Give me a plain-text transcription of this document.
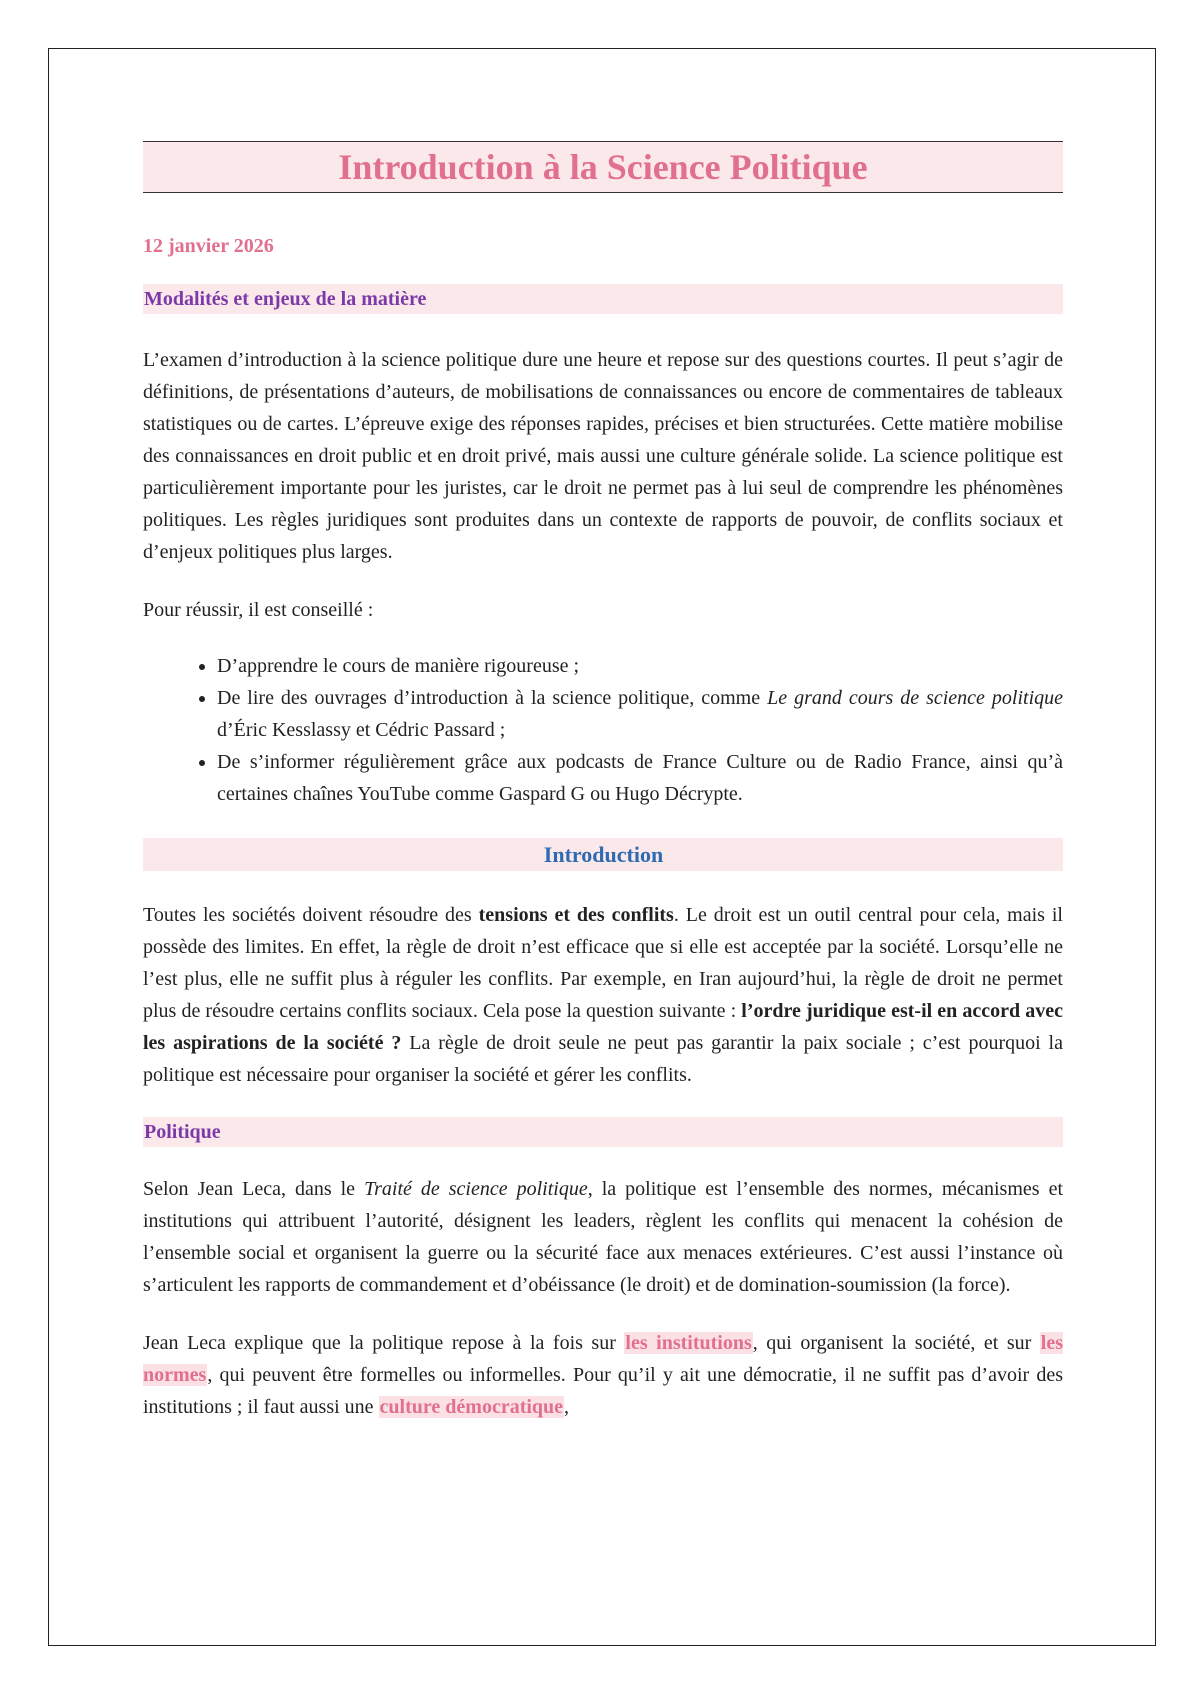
Introduction à la Science Politique
12 janvier 2026
Modalités et enjeux de la matière

L’examen d’introduction à la science politique dure une heure et repose sur des questions courtes. Il peut s’agir de définitions, de présentations d’auteurs, de mobilisations de connaissances ou encore de commentaires de tableaux statistiques ou de cartes. L’épreuve exige des réponses rapides, précises et bien structurées. Cette matière mobilise des connaissances en droit public et en droit privé, mais aussi une culture générale solide. La science politique est particulièrement importante pour les juristes, car le droit ne permet pas à lui seul de comprendre les phénomènes politiques. Les règles juridiques sont produites dans un contexte de rapports de pouvoir, de conflits sociaux et d’enjeux politiques plus larges.

Pour réussir, il est conseillé :

• D’apprendre le cours de manière rigoureuse ;
• De lire des ouvrages d’introduction à la science politique, comme Le grand cours de science politique d’Éric Kesslassy et Cédric Passard ;
• De s’informer régulièrement grâce aux podcasts de France Culture ou de Radio France, ainsi qu’à certaines chaînes YouTube comme Gaspard G ou Hugo Décrypte.
Introduction

Toutes les sociétés doivent résoudre des tensions et des conflits. Le droit est un outil central pour cela, mais il possède des limites. En effet, la règle de droit n’est efficace que si elle est acceptée par la société. Lorsqu’elle ne l’est plus, elle ne suffit plus à réguler les conflits. Par exemple, en Iran aujourd’hui, la règle de droit ne permet plus de résoudre certains conflits sociaux. Cela pose la question suivante : l’ordre juridique est-il en accord avec les aspirations de la société ? La règle de droit seule ne peut pas garantir la paix sociale ; c’est pourquoi la politique est nécessaire pour organiser la société et gérer les conflits.

Politique

Selon Jean Leca, dans le Traité de science politique, la politique est l’ensemble des normes, mécanismes et institutions qui attribuent l’autorité, désignent les leaders, règlent les conflits qui menacent la cohésion de l’ensemble social et organisent la guerre ou la sécurité face aux menaces extérieures. C’est aussi l’instance où s’articulent les rapports de commandement et d’obéissance (le droit) et de domination-soumission (la force).

Jean Leca explique que la politique repose à la fois sur les institutions, qui organisent la société, et sur les normes, qui peuvent être formelles ou informelles. Pour qu’il y ait une démocratie, il ne suffit pas d’avoir des institutions ; il faut aussi une culture démocratique,
